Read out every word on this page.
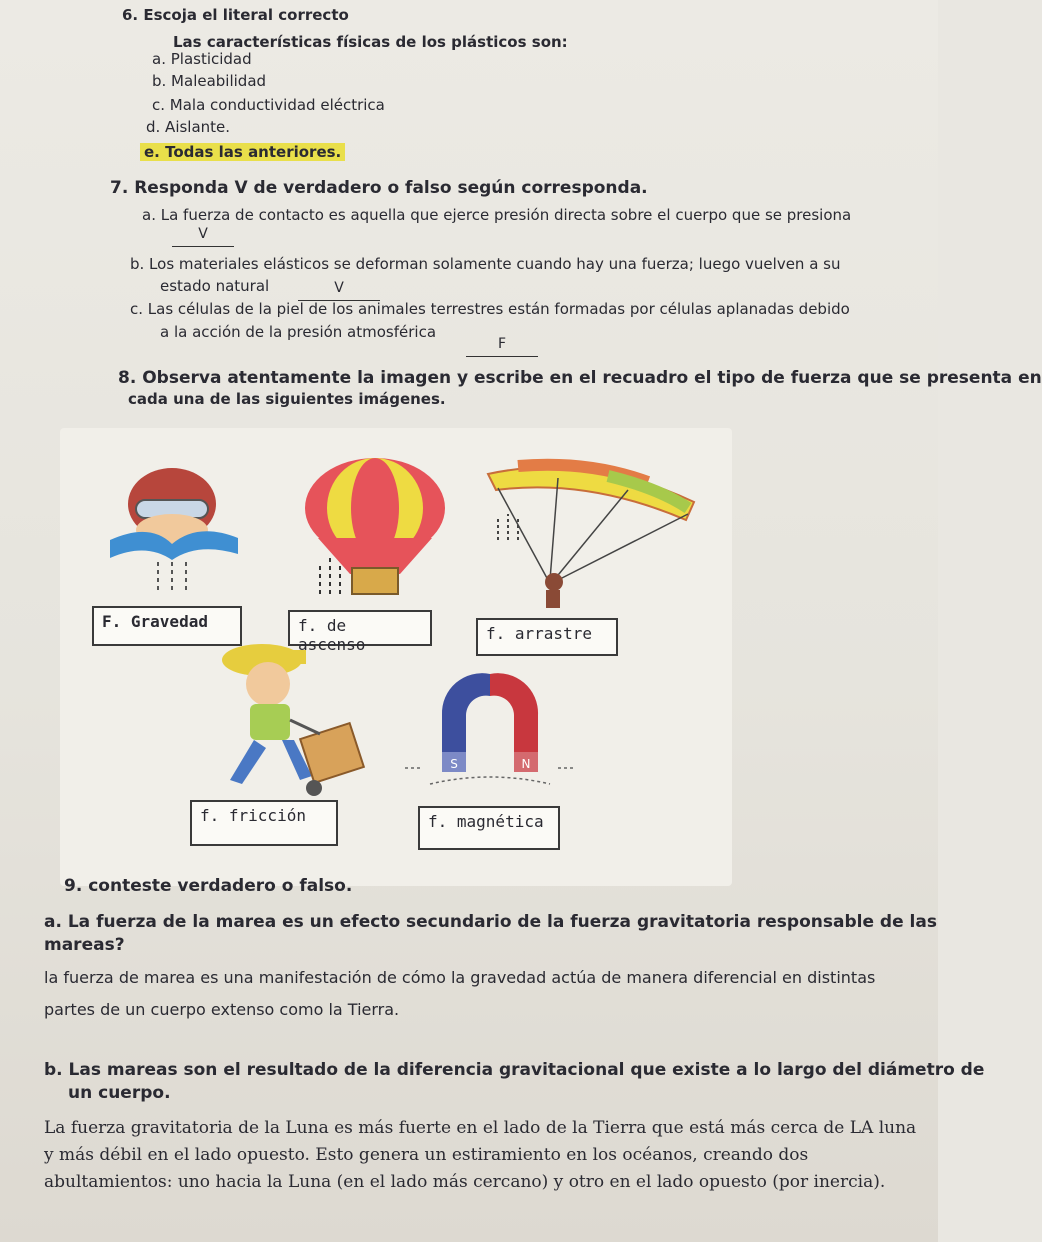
6. Escoja el literal correcto
Las características físicas de los plásticos son:
a. Plasticidad
b. Maleabilidad
c. Mala conductividad eléctrica
d. Aislante.
e. Todas las anteriores.
7. Responda V de verdadero o falso según corresponda.
a. La fuerza de contacto es aquella que ejerce presión directa sobre el cuerpo que se presiona
V
b. Los materiales elásticos se deforman solamente cuando hay una fuerza; luego vuelven a su
estado natural	V
c. Las células de la piel de los animales terrestres están formadas por células aplanadas debido
a la acción de la presión atmosférica
F
8. Observa atentamente la imagen y escribe en el recuadro el tipo de fuerza que se presenta en
cada una de las siguientes imágenes.
S	N
F. Gravedad	f. de ascenso
f. arrastre
f. fricción	f. magnética
9. conteste verdadero o falso.
a. La fuerza de la marea es un efecto secundario de la fuerza gravitatoria responsable de las
mareas?
la fuerza de marea es una manifestación de cómo la gravedad actúa de manera diferencial en distintas
partes de un cuerpo extenso como la Tierra.
b. Las mareas son el resultado de la diferencia gravitacional que existe a lo largo del diámetro de
un cuerpo.
La fuerza gravitatoria de la Luna es más fuerte en el lado de la Tierra que está más cerca de LA luna
y más débil en el lado opuesto. Esto genera un estiramiento en los océanos, creando dos
abultamientos: uno hacia la Luna (en el lado más cercano) y otro en el lado opuesto (por inercia).
